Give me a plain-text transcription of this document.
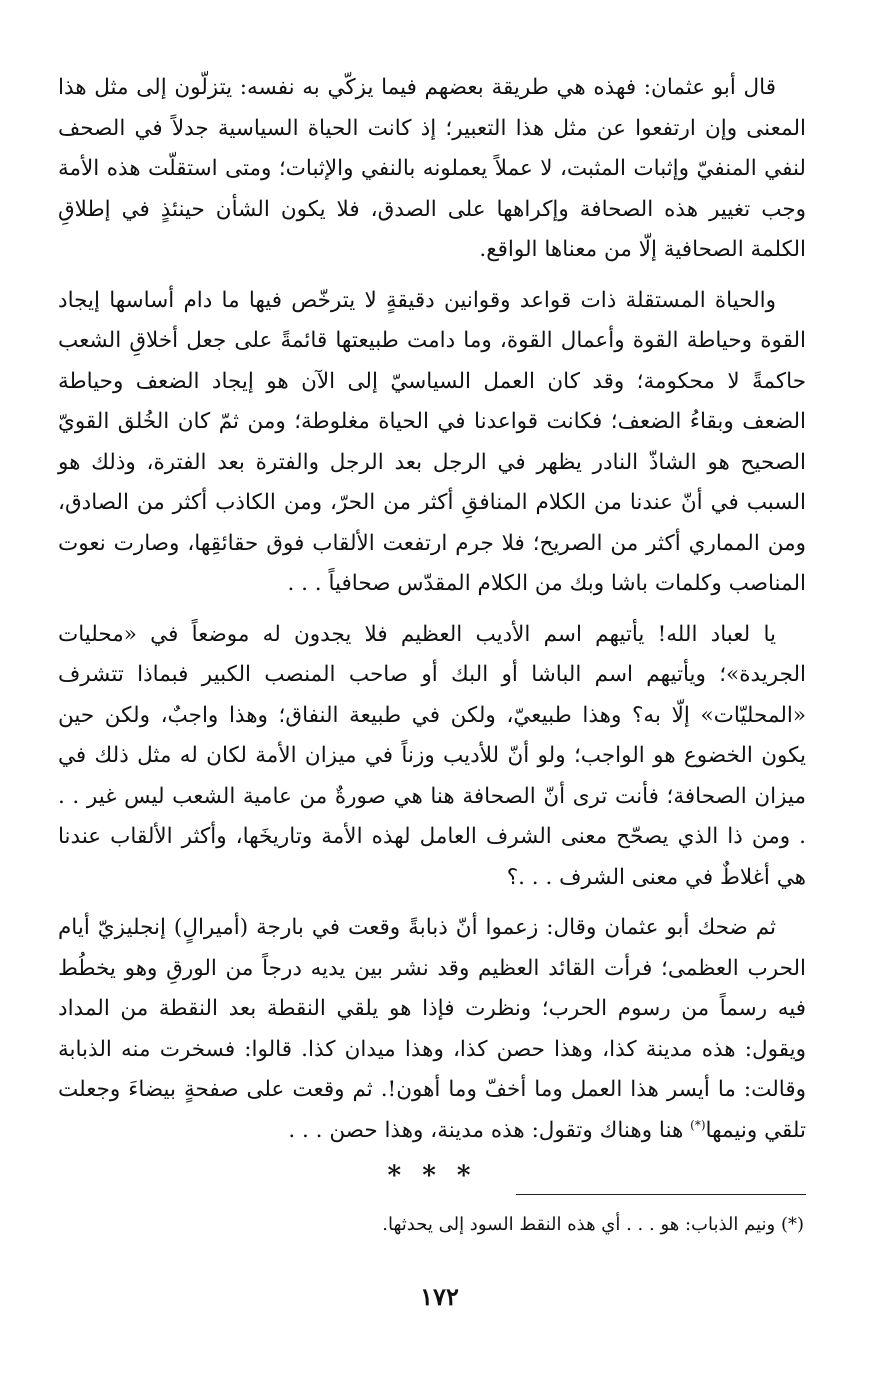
قال أبو عثمان: فهذه هي طريقة بعضهم فيما يزكّي به نفسه: يتزلّون إلى مثل هذا المعنى وإن ارتفعوا عن مثل هذا التعبير؛ إذ كانت الحياة السياسية جدلاً في الصحف لنفي المنفيّ وإثبات المثبت، لا عملاً يعملونه بالنفي والإثبات؛ ومتى استقلّت هذه الأمة وجب تغيير هذه الصحافة وإكراهها على الصدق، فلا يكون الشأن حينئذٍ في إطلاقِ الكلمة الصحافية إلّا من معناها الواقع.

والحياة المستقلة ذات قواعد وقوانين دقيقةٍ لا يترخّص فيها ما دام أساسها إيجاد القوة وحياطة القوة وأعمال القوة، وما دامت طبيعتها قائمةً على جعل أخلاقِ الشعب حاكمةً لا محكومة؛ وقد كان العمل السياسيّ إلى الآن هو إيجاد الضعف وحياطة الضعف وبقاءُ الضعف؛ فكانت قواعدنا في الحياة مغلوطة؛ ومن ثمّ كان الخُلق القويّ الصحيح هو الشاذّ النادر يظهر في الرجل بعد الرجل والفترة بعد الفترة، وذلك هو السبب في أنّ عندنا من الكلام المنافقِ أكثر من الحرّ، ومن الكاذب أكثر من الصادق، ومن المماري أكثر من الصريح؛ فلا جرم ارتفعت الألقاب فوق حقائقِها، وصارت نعوت المناصب وكلمات باشا وبك من الكلام المقدّس صحافياً . . .

يا لعباد الله! يأتيهم اسم الأديب العظيم فلا يجدون له موضعاً في «محليات الجريدة»؛ ويأتيهم اسم الباشا أو البك أو صاحب المنصب الكبير فبماذا تتشرف «المحليّات» إلّا به؟ وهذا طبيعيّ، ولكن في طبيعة النفاق؛ وهذا واجبٌ، ولكن حين يكون الخضوع هو الواجب؛ ولو أنّ للأديب وزناً في ميزان الأمة لكان له مثل ذلك في ميزان الصحافة؛ فأنت ترى أنّ الصحافة هنا هي صورةٌ من عامية الشعب ليس غير . . . ومن ذا الذي يصحّح معنى الشرف العامل لهذه الأمة وتاريخَها، وأكثر الألقاب عندنا هي أغلاطٌ في معنى الشرف . . .؟

ثم ضحك أبو عثمان وقال: زعموا أنّ ذبابةً وقعت في بارجة (أميرالٍ) إنجليزيّ أيام الحرب العظمى؛ فرأت القائد العظيم وقد نشر بين يديه درجاً من الورقِ وهو يخطُط فيه رسماً من رسوم الحرب؛ ونظرت فإذا هو يلقي النقطة بعد النقطة من المداد ويقول: هذه مدينة كذا، وهذا حصن كذا، وهذا ميدان كذا. قالوا: فسخرت منه الذبابة وقالت: ما أيسر هذا العمل وما أخفّ وما أهون!. ثم وقعت على صفحةٍ بيضاءَ وجعلت تلقي ونيمها(*) هنا وهناك وتقول: هذه مدينة، وهذا حصن . . .

* * *
(*) ونيم الذباب: هو . . . أي هذه النقط السود إلى يحدثها.
١٧٢
